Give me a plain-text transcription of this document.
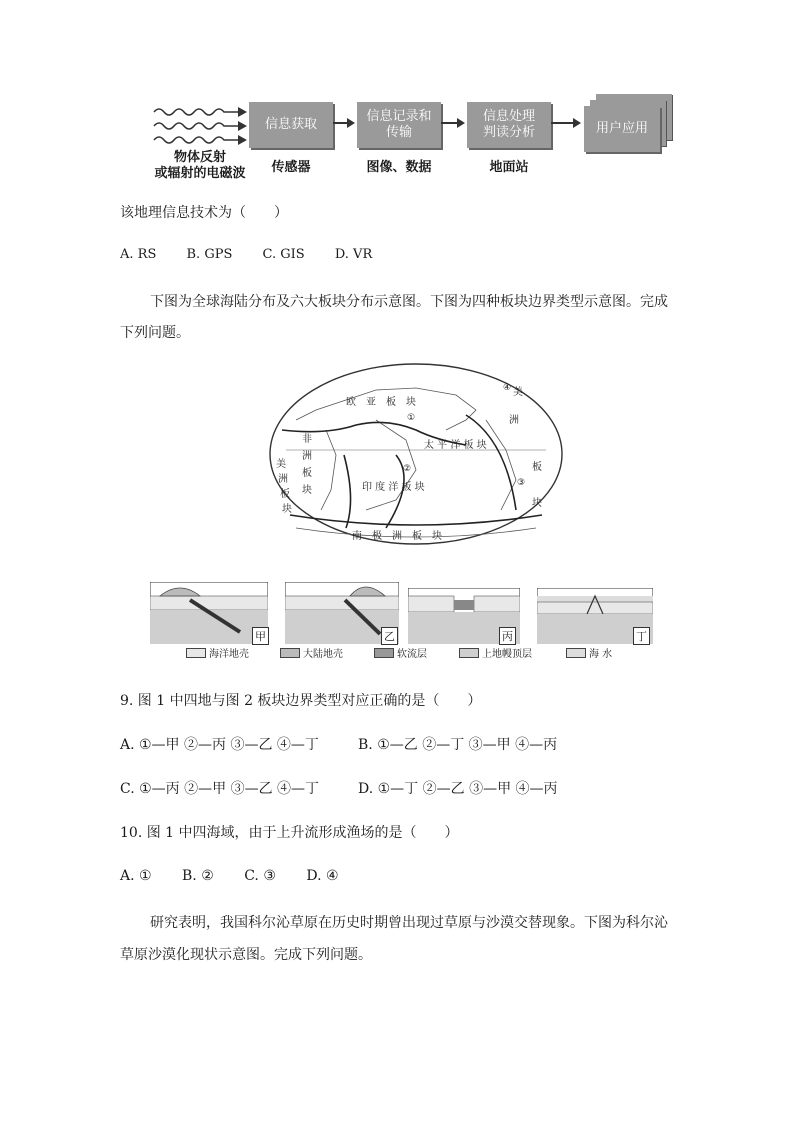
物体反射
或辐射的电磁波
信息获取
信息记录和
传输
信息处理
判读分析	用户应用
传感器	图像、数据	地面站
该地理信息技术为（　　）
A. RS B. GPS C. GIS D. VR
下图为全球海陆分布及六大板块分布示意图。下图为四种板块边界类型示意图。完成
下列问题。
欧　亚　板　块
非
洲
板
块
美
洲
板
块
太 平 洋 板 块
印 度 洋 板 块
南　极　洲　板　块
美
洲
板
块
①
②
③
④
甲	乙	丙	丁
海洋地壳	大陆地壳	软流层	上地幔顶层	海 水
9. 图 1 中四地与图 2 板块边界类型对应正确的是（　　）
A. ①—甲 ②—丙 ③—乙 ④—丁	B. ①—乙 ②—丁 ③—甲 ④—丙
C. ①—丙 ②—甲 ③—乙 ④—丁	D. ①—丁 ②—乙 ③—甲 ④—丙
10. 图 1 中四海域，由于上升流形成渔场的是（　　）
A. ① B. ② C. ③ D. ④
研究表明，我国科尔沁草原在历史时期曾出现过草原与沙漠交替现象。下图为科尔沁
草原沙漠化现状示意图。完成下列问题。
